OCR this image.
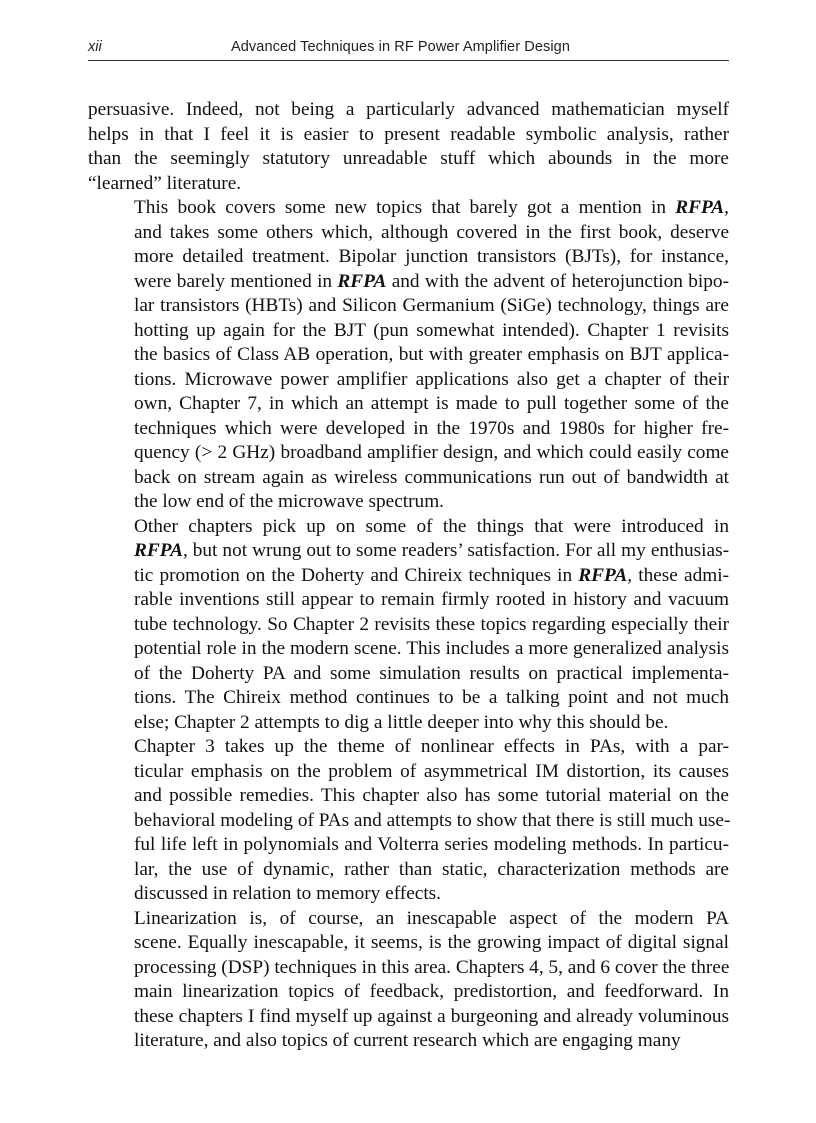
xii	Advanced Techniques in RF Power Amplifier Design

persuasive. Indeed, not being a particularly advanced mathematician myself
helps in that I feel it is easier to present readable symbolic analysis, rather
than the seemingly statutory unreadable stuff which abounds in the more
“learned” literature.

This book covers some new topics that barely got a mention in RFPA,
and takes some others which, although covered in the first book, deserve
more detailed treatment. Bipolar junction transistors (BJTs), for instance,
were barely mentioned in RFPA and with the advent of heterojunction bipo-
lar transistors (HBTs) and Silicon Germanium (SiGe) technology, things are
hotting up again for the BJT (pun somewhat intended). Chapter 1 revisits
the basics of Class AB operation, but with greater emphasis on BJT applica-
tions. Microwave power amplifier applications also get a chapter of their
own, Chapter 7, in which an attempt is made to pull together some of the
techniques which were developed in the 1970s and 1980s for higher fre-
quency (> 2 GHz) broadband amplifier design, and which could easily come
back on stream again as wireless communications run out of bandwidth at
the low end of the microwave spectrum.

Other chapters pick up on some of the things that were introduced in
RFPA, but not wrung out to some readers’ satisfaction. For all my enthusias-
tic promotion on the Doherty and Chireix techniques in RFPA, these admi-
rable inventions still appear to remain firmly rooted in history and vacuum
tube technology. So Chapter 2 revisits these topics regarding especially their
potential role in the modern scene. This includes a more generalized analysis
of the Doherty PA and some simulation results on practical implementa-
tions. The Chireix method continues to be a talking point and not much
else; Chapter 2 attempts to dig a little deeper into why this should be.

Chapter 3 takes up the theme of nonlinear effects in PAs, with a par-
ticular emphasis on the problem of asymmetrical IM distortion, its causes
and possible remedies. This chapter also has some tutorial material on the
behavioral modeling of PAs and attempts to show that there is still much use-
ful life left in polynomials and Volterra series modeling methods. In particu-
lar, the use of dynamic, rather than static, characterization methods are
discussed in relation to memory effects.

Linearization is, of course, an inescapable aspect of the modern PA
scene. Equally inescapable, it seems, is the growing impact of digital signal
processing (DSP) techniques in this area. Chapters 4, 5, and 6 cover the three
main linearization topics of feedback, predistortion, and feedforward. In
these chapters I find myself up against a burgeoning and already voluminous
literature, and also topics of current research which are engaging many
